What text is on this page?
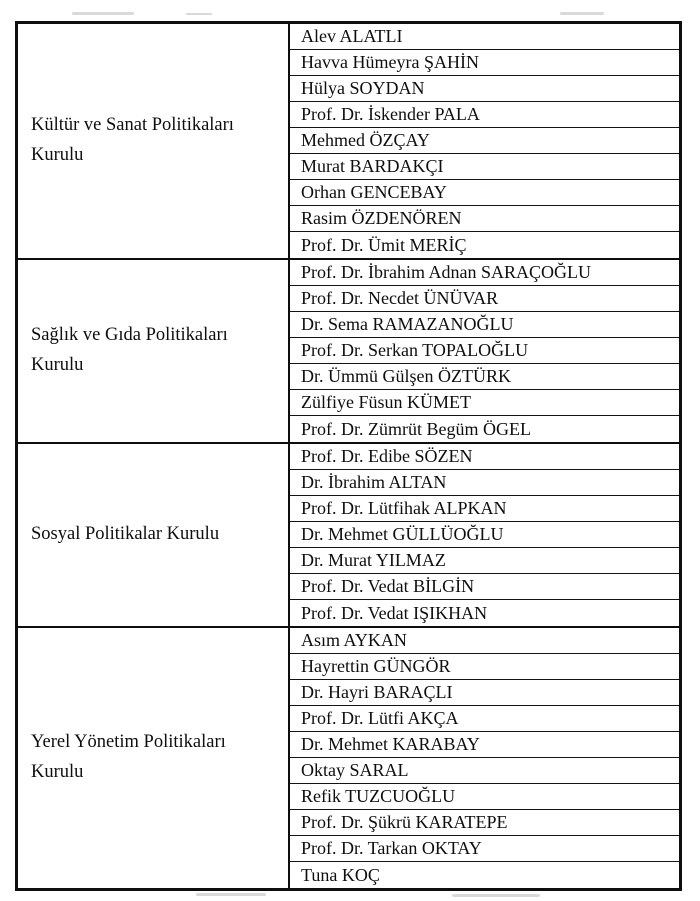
Kültür ve Sanat Politikaları Kurulu
Alev ALATLI
Havva Hümeyra ŞAHİN
Hülya SOYDAN
Prof. Dr. İskender PALA
Mehmed ÖZÇAY
Murat BARDAKÇI
Orhan GENCEBAY
Rasim ÖZDENÖREN
Prof. Dr. Ümit MERİÇ
Sağlık ve Gıda Politikaları Kurulu
Prof. Dr. İbrahim Adnan SARAÇOĞLU
Prof. Dr. Necdet ÜNÜVAR
Dr. Sema RAMAZANOĞLU
Prof. Dr. Serkan TOPALOĞLU
Dr. Ümmü Gülşen ÖZTÜRK
Zülfiye Füsun KÜMET
Prof. Dr. Zümrüt Begüm ÖGEL
Sosyal Politikalar Kurulu
Prof. Dr. Edibe SÖZEN
Dr. İbrahim ALTAN
Prof. Dr. Lütfihak ALPKAN
Dr. Mehmet GÜLLÜOĞLU
Dr. Murat YILMAZ
Prof. Dr. Vedat BİLGİN
Prof. Dr. Vedat IŞIKHAN
Yerel Yönetim Politikaları Kurulu
Asım AYKAN
Hayrettin GÜNGÖR
Dr. Hayri BARAÇLI
Prof. Dr. Lütfi AKÇA
Dr. Mehmet KARABAY
Oktay SARAL
Refik TUZCUOĞLU
Prof. Dr. Şükrü KARATEPE
Prof. Dr. Tarkan OKTAY
Tuna KOÇ
